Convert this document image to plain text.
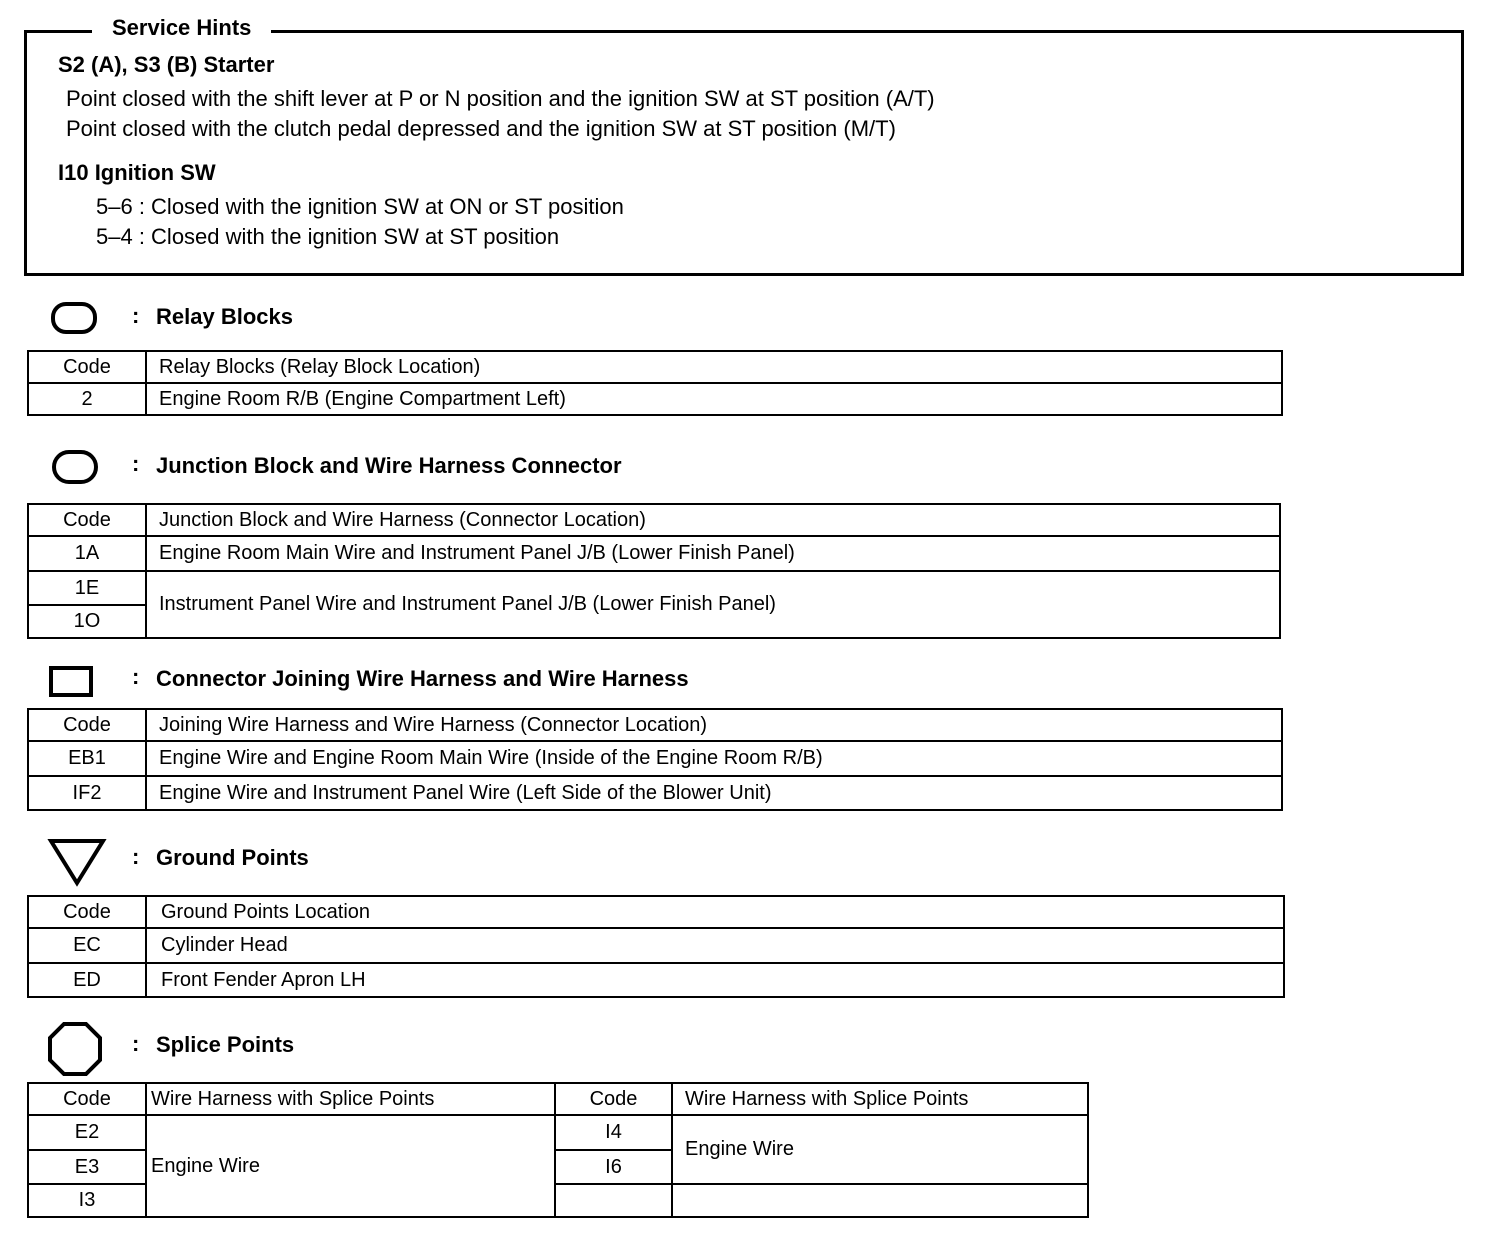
Service Hints
S2 (A), S3 (B) Starter
Point closed with the shift lever at P or N position and the ignition SW at ST position (A/T)
Point closed with the clutch pedal depressed and the ignition SW at ST position (M/T)
I10 Ignition SW
5–6 : Closed with the ignition SW at ON or ST position
5–4 : Closed with the ignition SW at ST position
: Relay Blocks
Code	Relay Blocks (Relay Block Location)
2	Engine Room R/B (Engine Compartment Left)
: Junction Block and Wire Harness Connector
Code	Junction Block and Wire Harness (Connector Location)
1A	Engine Room Main Wire and Instrument Panel J/B (Lower Finish Panel)
1E	Instrument Panel Wire and Instrument Panel J/B (Lower Finish Panel)
1O	
: Connector Joining Wire Harness and Wire Harness
Code	Joining Wire Harness and Wire Harness (Connector Location)
EB1	Engine Wire and Engine Room Main Wire (Inside of the Engine Room R/B)
IF2	Engine Wire and Instrument Panel Wire (Left Side of the Blower Unit)
: Ground Points
Code	Ground Points Location
EC	Cylinder Head
ED	Front Fender Apron LH
: Splice Points
Code	Wire Harness with Splice Points	Code	Wire Harness with Splice Points
E2	Engine Wire	I4	Engine Wire
E3		I6	
I3			
